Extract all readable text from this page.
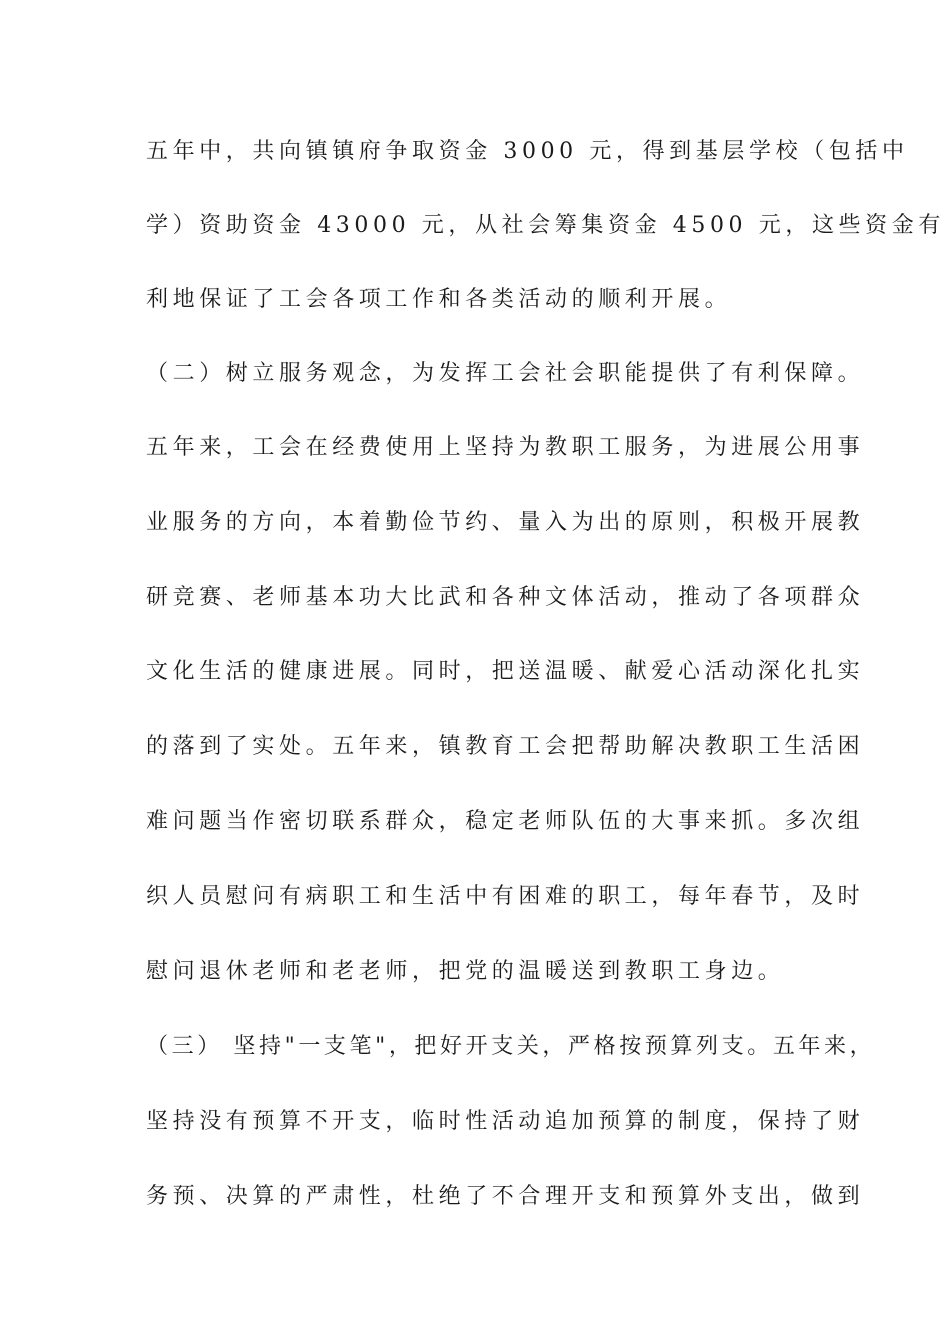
五年中，共向镇镇府争取资金 3000 元，得到基层学校（包括中
学）资助资金 43000 元，从社会筹集资金 4500 元，这些资金有
利地保证了工会各项工作和各类活动的顺利开展。
（二）树立服务观念，为发挥工会社会职能提供了有利保障。
五年来，工会在经费使用上坚持为教职工服务，为进展公用事
业服务的方向，本着勤俭节约、量入为出的原则，积极开展教
研竞赛、老师基本功大比武和各种文体活动，推动了各项群众
文化生活的健康进展。同时，把送温暖、献爱心活动深化扎实
的落到了实处。五年来，镇教育工会把帮助解决教职工生活困
难问题当作密切联系群众，稳定老师队伍的大事来抓。多次组
织人员慰问有病职工和生活中有困难的职工，每年春节，及时
慰问退休老师和老老师，把党的温暖送到教职工身边。
（三） 坚持"一支笔"，把好开支关，严格按预算列支。五年来，
坚持没有预算不开支，临时性活动追加预算的制度，保持了财
务预、决算的严肃性，杜绝了不合理开支和预算外支出，做到
